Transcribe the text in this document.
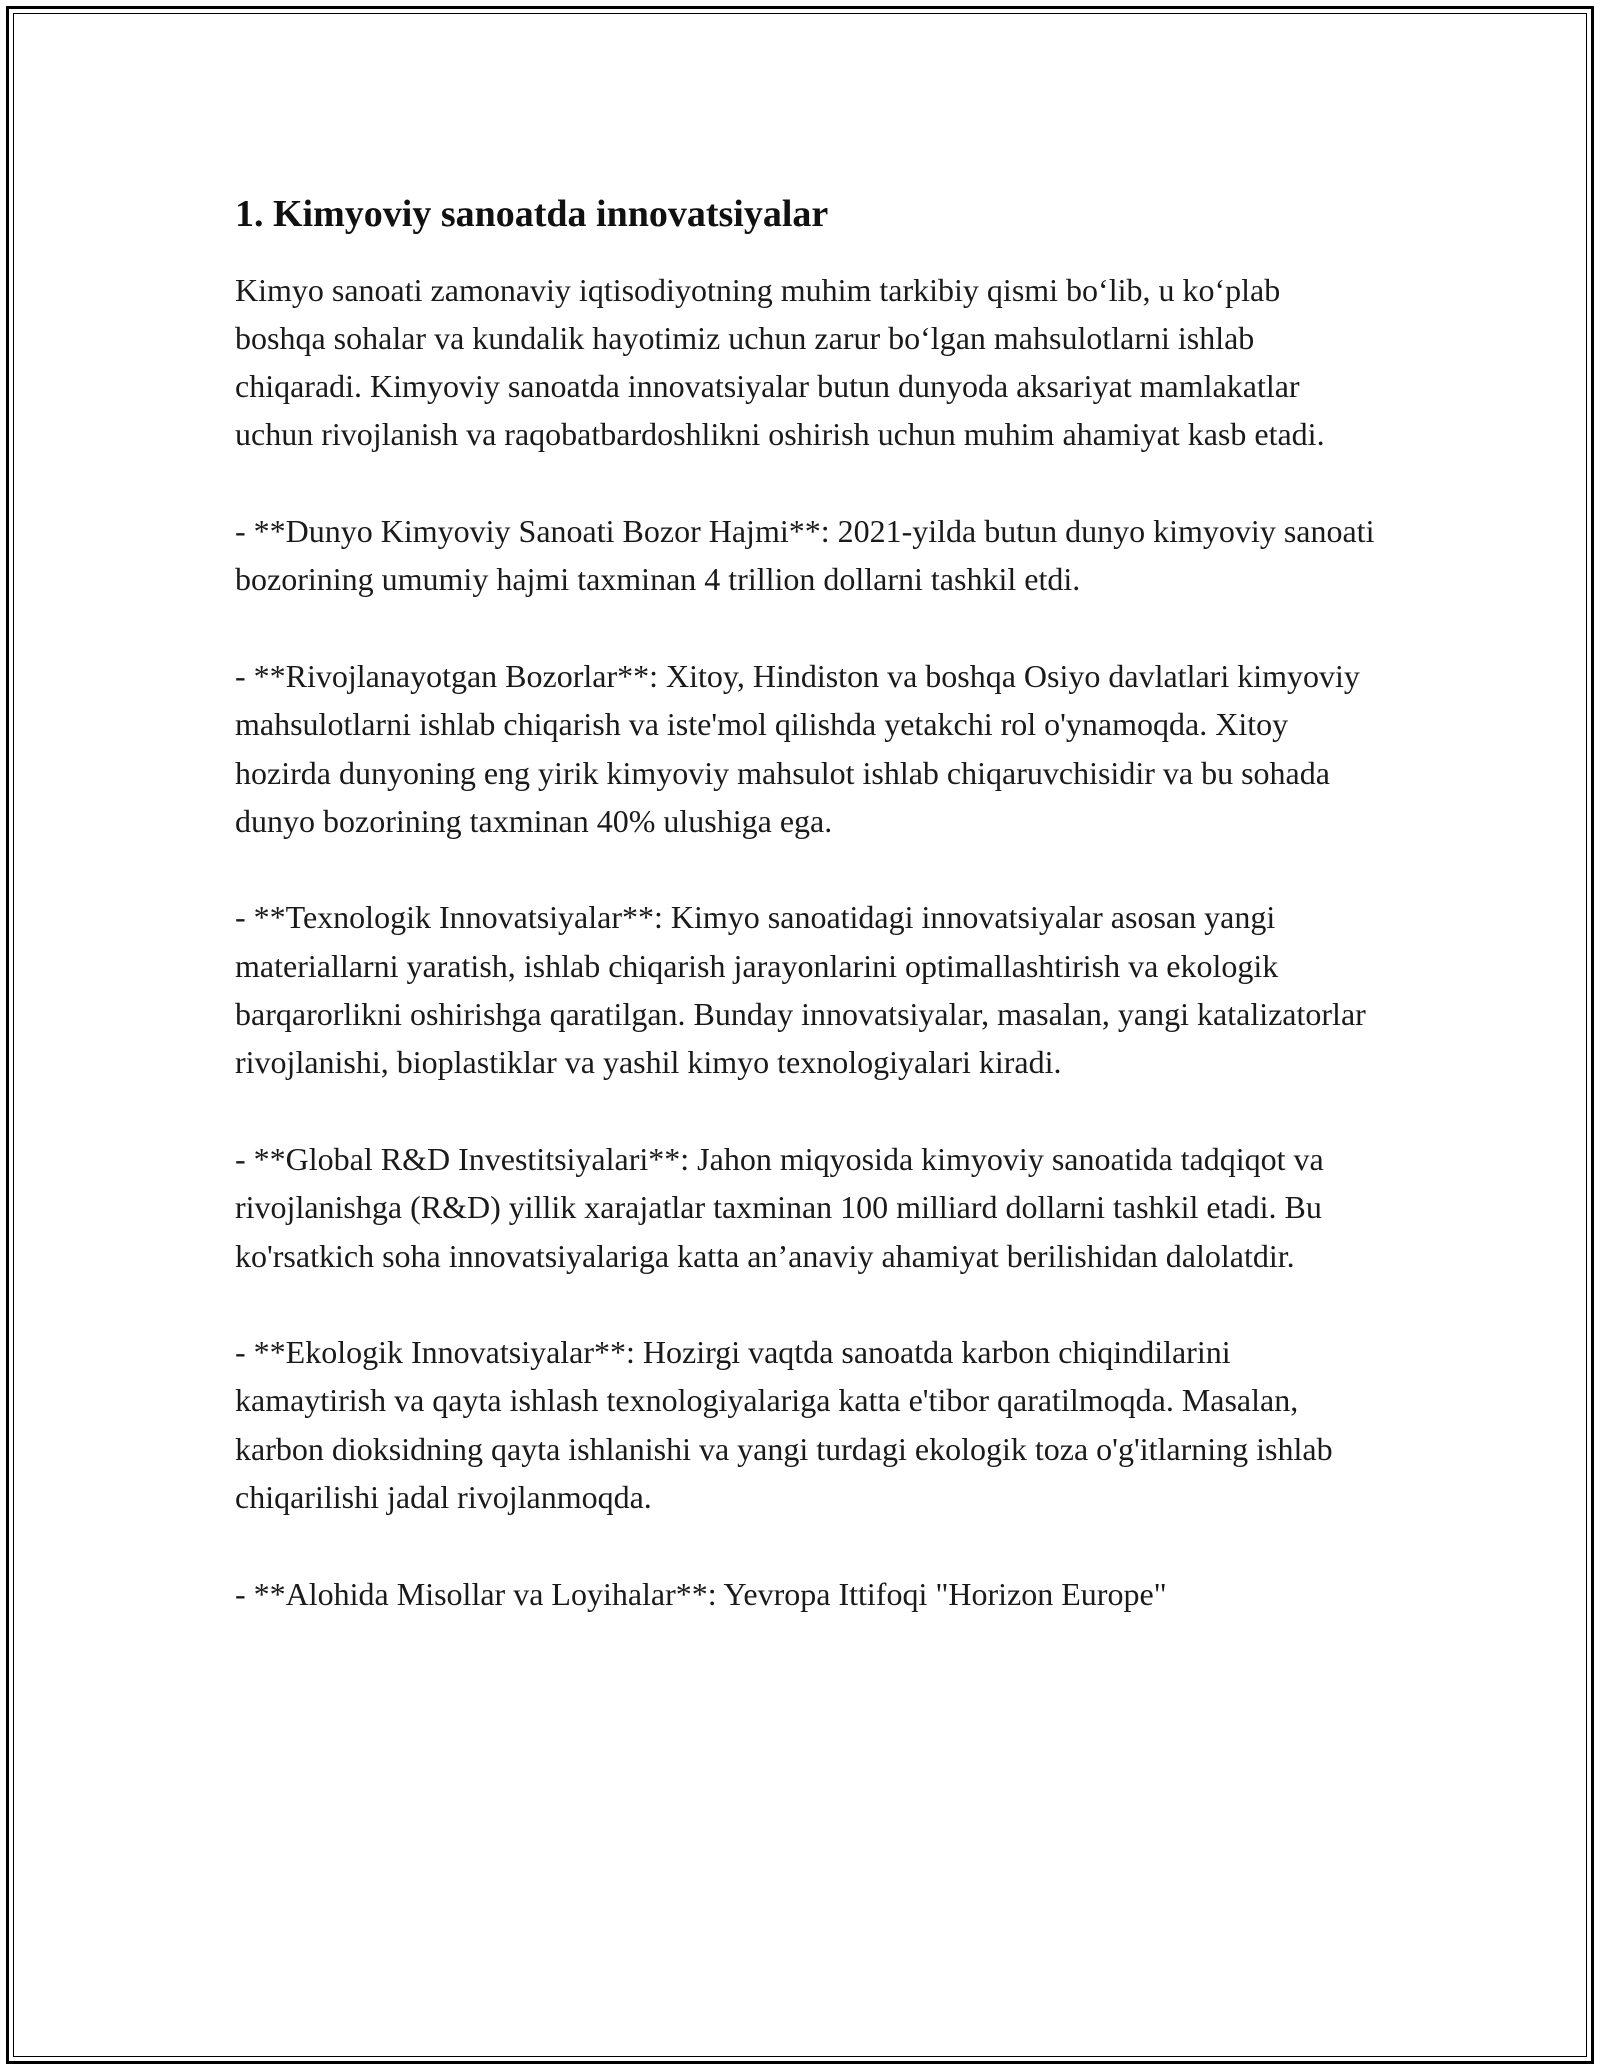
1. Kimyoviy sanoatda innovatsiyalar

Kimyo sanoati zamonaviy iqtisodiyotning muhim tarkibiy qismi bo‘lib, u ko‘plab boshqa sohalar va kundalik hayotimiz uchun zarur bo‘lgan mahsulotlarni ishlab chiqaradi. Kimyoviy sanoatda innovatsiyalar butun dunyoda aksariyat mamlakatlar uchun rivojlanish va raqobatbardoshlikni oshirish uchun muhim ahamiyat kasb etadi.

- **Dunyo Kimyoviy Sanoati Bozor Hajmi**: 2021-yilda butun dunyo kimyoviy sanoati bozorining umumiy hajmi taxminan 4 trillion dollarni tashkil etdi.

- **Rivojlanayotgan Bozorlar**: Xitoy, Hindiston va boshqa Osiyo davlatlari kimyoviy mahsulotlarni ishlab chiqarish va iste'mol qilishda yetakchi rol o'ynamoqda. Xitoy hozirda dunyoning eng yirik kimyoviy mahsulot ishlab chiqaruvchisidir va bu sohada dunyo bozorining taxminan 40% ulushiga ega.

- **Texnologik Innovatsiyalar**: Kimyo sanoatidagi innovatsiyalar asosan yangi materiallarni yaratish, ishlab chiqarish jarayonlarini optimallashtirish va ekologik barqarorlikni oshirishga qaratilgan. Bunday innovatsiyalar, masalan, yangi katalizatorlar rivojlanishi, bioplastiklar va yashil kimyo texnologiyalari kiradi.

- **Global R&D Investitsiyalari**: Jahon miqyosida kimyoviy sanoatida tadqiqot va rivojlanishga (R&D) yillik xarajatlar taxminan 100 milliard dollarni tashkil etadi. Bu ko'rsatkich soha innovatsiyalariga katta an’anaviy ahamiyat berilishidan dalolatdir.

- **Ekologik Innovatsiyalar**: Hozirgi vaqtda sanoatda karbon chiqindilarini kamaytirish va qayta ishlash texnologiyalariga katta e'tibor qaratilmoqda. Masalan, karbon dioksidning qayta ishlanishi va yangi turdagi ekologik toza o'g'itlarning ishlab chiqarilishi jadal rivojlanmoqda.

- **Alohida Misollar va Loyihalar**: Yevropa Ittifoqi "Horizon Europe"
